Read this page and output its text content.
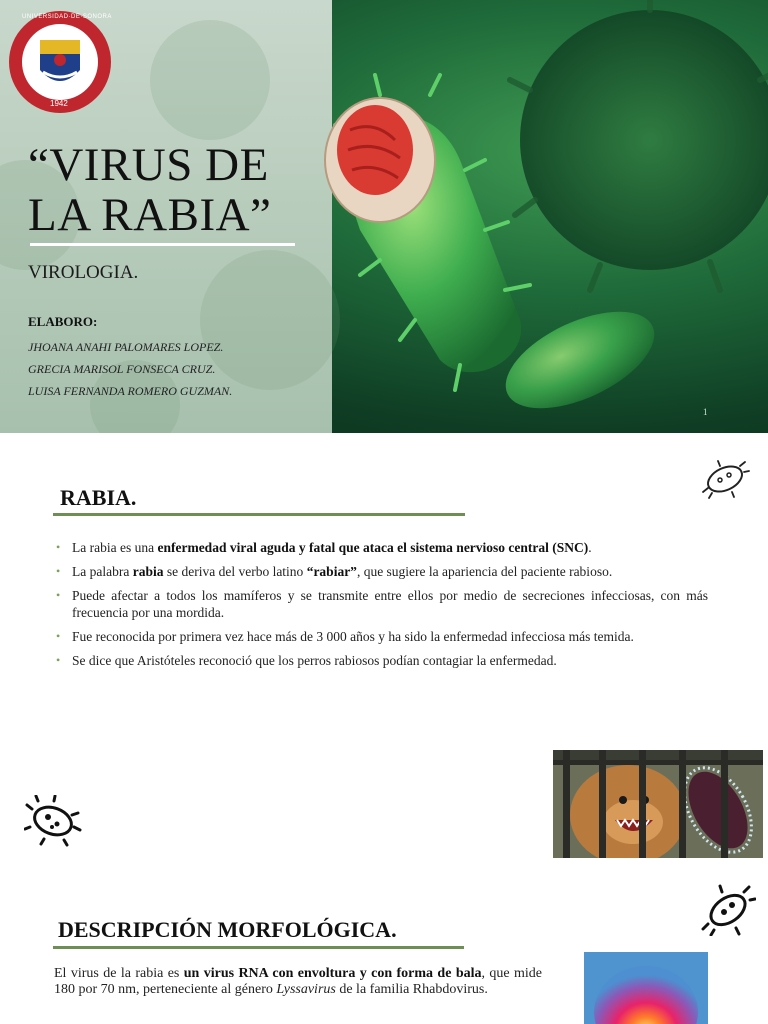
1942
UNIVERSIDAD·DE·SONORA
“VIRUS DE
LA RABIA”
VIROLOGIA.
ELABORO:
JHOANA ANAHI PALOMARES LOPEZ.
GRECIA MARISOL FONSECA CRUZ.
LUISA FERNANDA ROMERO GUZMAN.
1
RABIA.
• La rabia es una enfermedad viral aguda y fatal que ataca el sistema nervioso central (SNC).
• La palabra rabia se deriva del verbo latino “rabiar”, que sugiere la apariencia del paciente rabioso.
• Puede afectar a todos los mamíferos y se transmite entre ellos por medio de secreciones infecciosas, con más frecuencia por una mordida.
• Fue reconocida por primera vez hace más de 3 000 años y ha sido la enfermedad infecciosa más temida.
• Se dice que Aristóteles reconoció que los perros rabiosos podían contagiar la enfermedad.
DESCRIPCIÓN MORFOLÓGICA.

El virus de la rabia es un virus RNA con envoltura y con forma de bala, que mide 180 por 70 nm, perteneciente al género Lyssavirus de la familia Rhabdovirus.
